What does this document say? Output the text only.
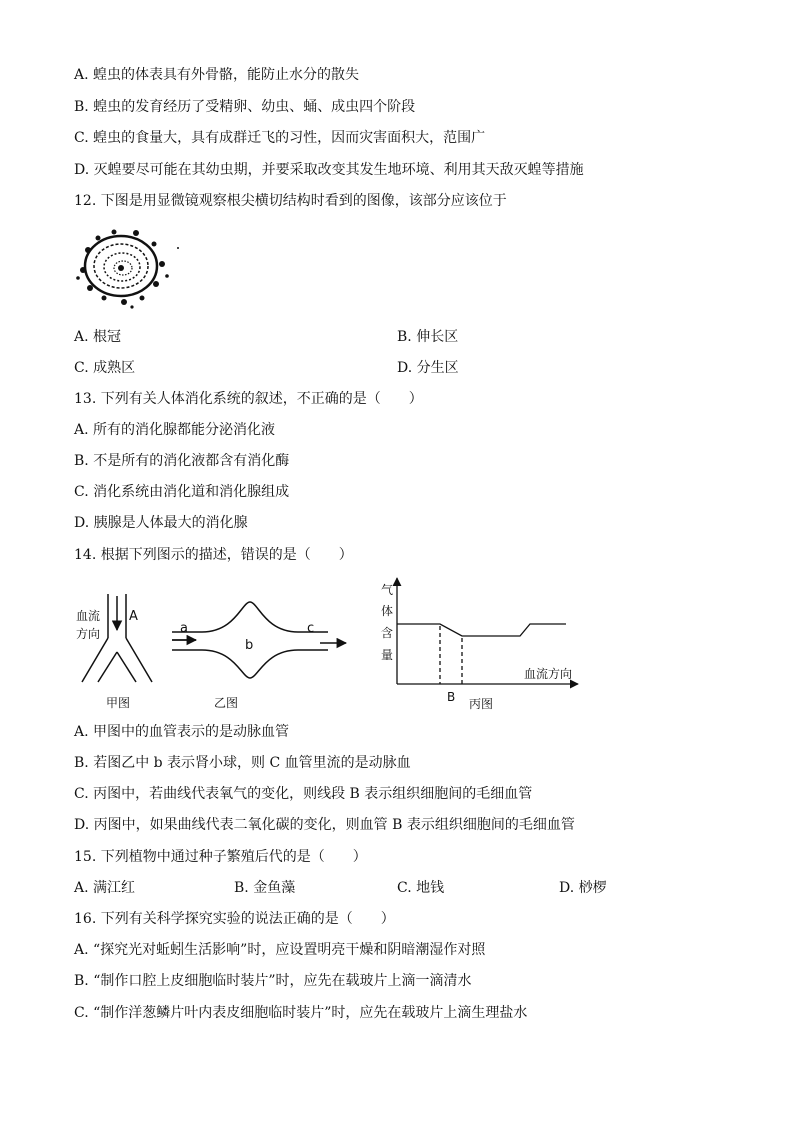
A. 蝗虫的体表具有外骨骼，能防止水分的散失
B. 蝗虫的发育经历了受精卵、幼虫、蛹、成虫四个阶段
C. 蝗虫的食量大，具有成群迁飞的习性，因而灾害面积大，范围广
D. 灭蝗要尽可能在其幼虫期，并要采取改变其发生地环境、利用其天敌灭蝗等措施
12. 下图是用显微镜观察根尖横切结构时看到的图像，该部分应该位于
A. 根冠	B. 伸长区
C. 成熟区	D. 分生区
13. 下列有关人体消化系统的叙述，不正确的是（　　）
A. 所有的消化腺都能分泌消化液
B. 不是所有的消化液都含有消化酶
C. 消化系统由消化道和消化腺组成
D. 胰腺是人体最大的消化腺
14. 根据下列图示的描述，错误的是（　　）
血流
方向
A
甲图
a
b
c
乙图
气
体
含
量
血流方向
B 丙图
A. 甲图中的血管表示的是动脉血管
B. 若图乙中 b 表示肾小球，则 C 血管里流的是动脉血
C. 丙图中，若曲线代表氧气的变化，则线段 B 表示组织细胞间的毛细血管
D. 丙图中，如果曲线代表二氧化碳的变化，则血管 B 表示组织细胞间的毛细血管
15. 下列植物中通过种子繁殖后代的是（　　）
A. 满江红	B. 金鱼藻	C. 地钱	D. 桫椤
16. 下列有关科学探究实验的说法正确的是（　　）
A. “探究光对蚯蚓生活影响”时，应设置明亮干燥和阴暗潮湿作对照
B. “制作口腔上皮细胞临时装片”时，应先在载玻片上滴一滴清水
C. “制作洋葱鳞片叶内表皮细胞临时装片”时，应先在载玻片上滴生理盐水
